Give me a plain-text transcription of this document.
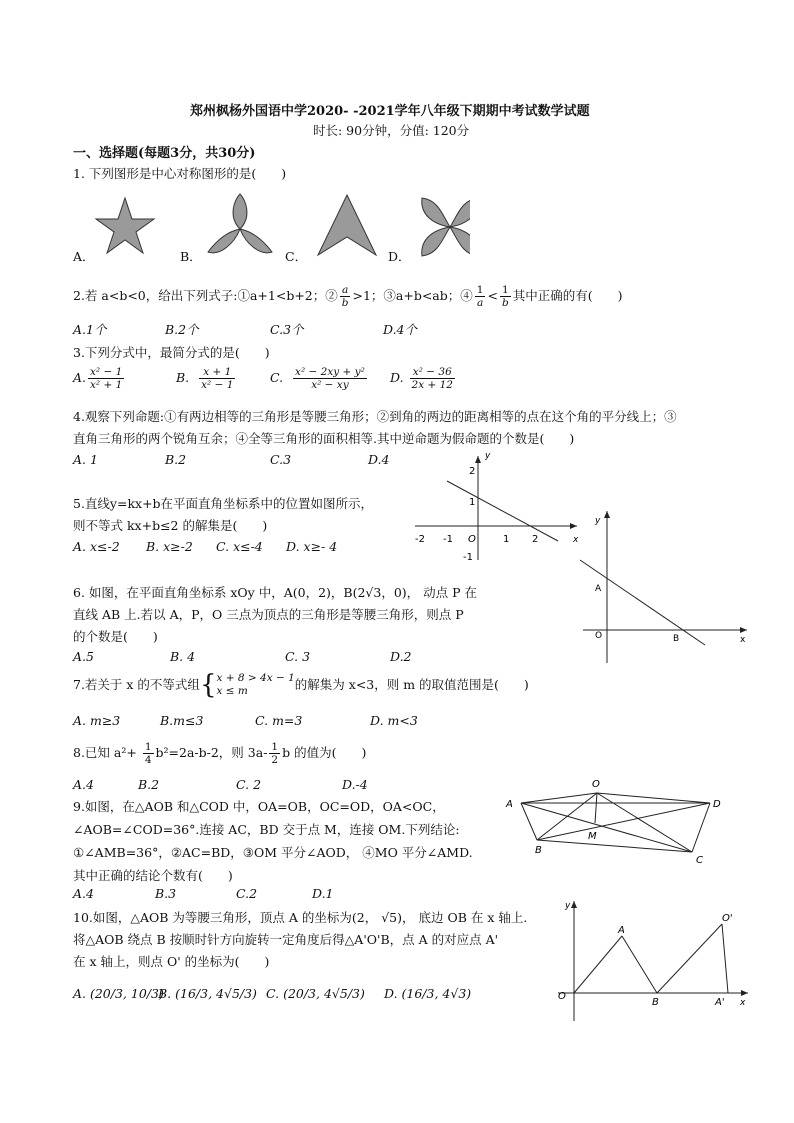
郑州枫杨外国语中学2020- -2021学年八年级下期期中考试数学试题
时长: 90分钟，分值: 120分
一、选择题(每题3分，共30分)
1. 下列图形是中心对称图形的是(　　)
A．	B．	C．	D．
2.若 a<b<0，给出下列式子:①a+1<b+2；② $\frac{a}{b} >1$；③a+b<ab；④ $\frac{1}{a} < \frac{1}{b}$ 其中正确的有(　　)
A.1个	B.2个	C.3个	D.4个
3.下列分式中，最简分式的是(　　)
A. $\frac{\text{x² − 1}}{\text{x² + 1}}$	B. $\frac{x + 1}{\text{x² − 1}}$	C. $\frac{\text{x² − 2xy + y²}}{\text{x² − xy}} D$. $\frac{\text{x² − 36}}{2x + 12}$
4.观察下列命题:①有两边相等的三角形是等腰三角形；②到角的两边的距离相等的点在这个角的平分线上；③
直角三角形的两个锐角互余；④全等三角形的面积相等.其中逆命题为假命题的个数是(　　)
A. 1	B.2	C.3	D.4	y
2
1
-1
-2 -1 O	1 2	x
5.直线y=kx+b在平面直角坐标系中的位置如图所示，
则不等式 kx+b≤2 的解集是(　　)
A. x≤-2 B. x≥-2 C. x≤-4 D. x≥- 4
y
A
O	B	x
6. 如图，在平面直角坐标系 xOy 中，A(0，2)，B(2√3，0)， 动点 P 在
直线 AB 上.若以 A，P，O 三点为顶点的三角形是等腰三角形，则点 P
的个数是(　　)
A.5	B. 4	C. 3	D.2
7.若关于 x 的不等式组{ x + 8 > 4x − 1
x ≤ m	的解集为 x<3，则 m 的取值范围是(　　)
A. m≥3	B.m≤3	C. m=3	D. m<3
8.已知 $a^2+ \frac{1}{4} b^2=2a-b-2$，则 $3a- \frac{1}{2}$ b 的值为(　　)
A.4	B.2	C. 2	D.-4	O
A	D
M
B
C
9.如图，在△AOB 和△COD 中，OA=OB，OC=OD，OA<OC，
∠AOB=∠COD=36°.连接 AC，BD 交于点 M，连接 OM.下列结论:
①∠AMB=36°，②AC=BD，③OM 平分∠AOD， ④MO 平分∠AMD.
其中正确的结论个数有(　　)
A.4	B.3	C.2	D.1
y
O'
A
O
B	A' x
10.如图，△AOB 为等腰三角形，顶点 A 的坐标为(2， √5)， 底边 OB 在 x 轴上.
将△AOB 绕点 B 按顺时针方向旋转一定角度后得△A'O'B，点 A 的对应点 A'
在 x 轴上，则点 O' 的坐标为(　　)
A. (20/3, 10/3)
B. (16/3, 4√5/3) C. (20/3, 4√5/3) D. (16/3, 4√3)
